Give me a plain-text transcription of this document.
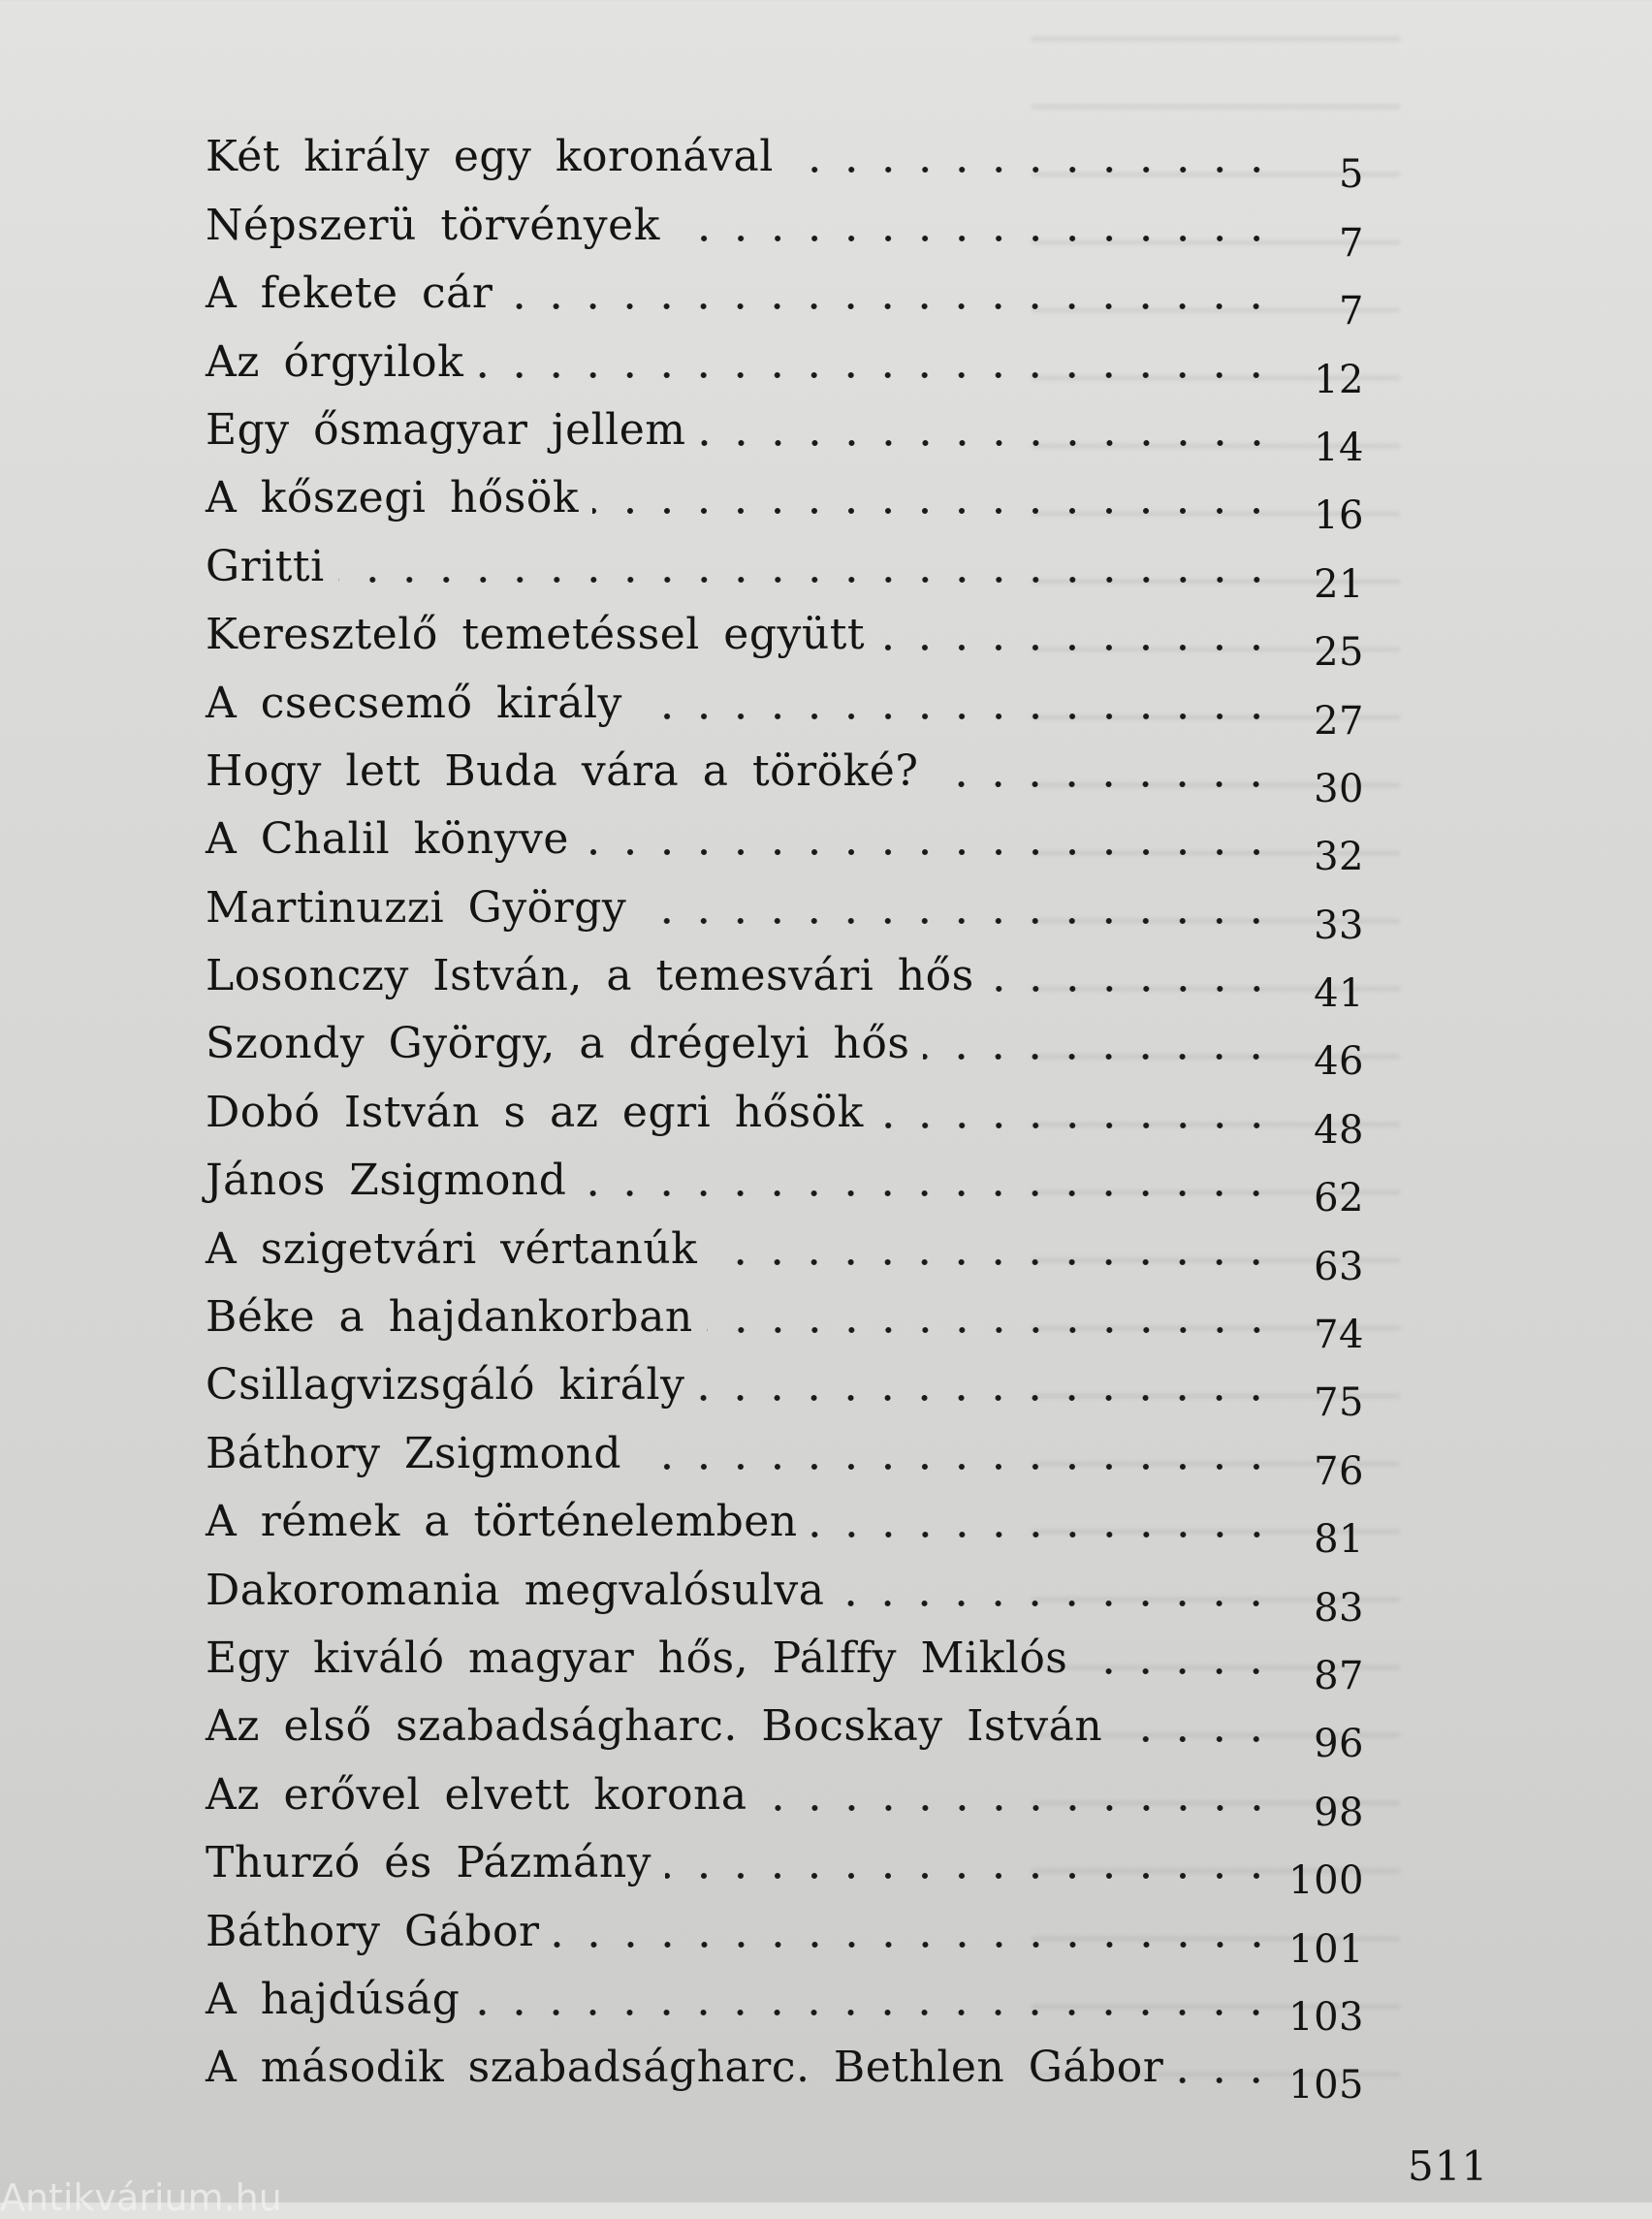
Két király egy koronával	5
Népszerü törvények	7
A fekete cár	7
Az órgyilok	12
Egy ősmagyar jellem	14
A kőszegi hősök	16
Gritti	21
Keresztelő temetéssel együtt	25
A csecsemő király	27
Hogy lett Buda vára a töröké?	30
A Chalil könyve	32
Martinuzzi György	33
Losonczy István, a temesvári hős	41
Szondy György, a drégelyi hős	46
Dobó István s az egri hősök	48
János Zsigmond	62
A szigetvári vértanúk	63
Béke a hajdankorban	74
Csillagvizsgáló király	75
Báthory Zsigmond	76
A rémek a történelemben	81
Dakoromania megvalósulva	83
Egy kiváló magyar hős, Pálffy Miklós	87
Az első szabadságharc. Bocskay István	96
Az erővel elvett korona	98
Thurzó és Pázmány	100
Báthory Gábor	101
A hajdúság	103
A második szabadságharc. Bethlen Gábor	105
511
Antikvárium.hu
